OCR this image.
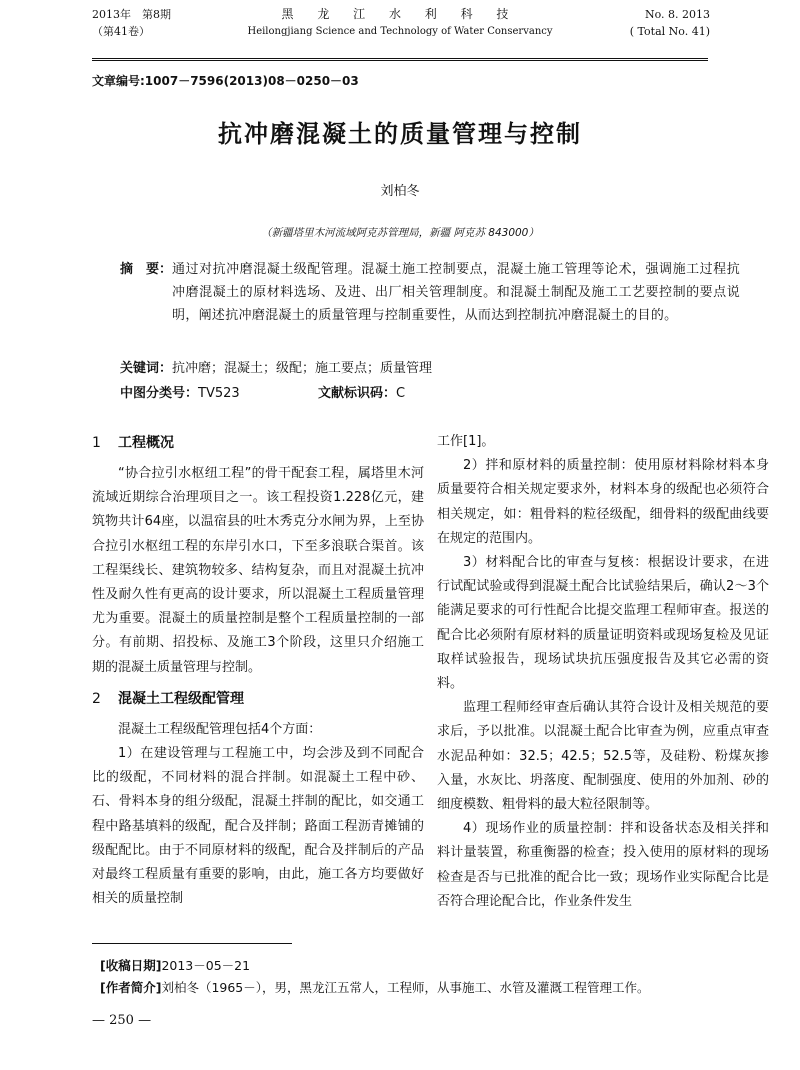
2013年　第8期
（第41卷）
黑 龙 江 水 利 科 技
Heilongjiang Science and Technology of Water Conservancy
No. 8. 2013
( Total No. 41)
文章编号:1007－7596(2013)08－0250－03
抗冲磨混凝土的质量管理与控制
刘柏冬
（新疆塔里木河流域阿克苏管理局，新疆 阿克苏 843000）
摘　要： 通过对抗冲磨混凝土级配管理。混凝土施工控制要点，混凝土施工管理等论术，强调施工过程抗冲磨混凝土的原材料选场、及进、出厂相关管理制度。和混凝土制配及施工工艺要控制的要点说明，阐述抗冲磨混凝土的质量管理与控制重要性，从而达到控制抗冲磨混凝土的目的。
关键词：抗冲磨；混凝土；级配；施工要点；质量管理
中图分类号：TV523	文献标识码：C
1 工程概况

“协合拉引水枢纽工程”的骨干配套工程，属塔里木河流域近期综合治理项目之一。该工程投资1.228亿元，建筑物共计64座，以温宿县的吐木秀克分水闸为界，上至协合拉引水枢纽工程的东岸引水口，下至多浪联合渠首。该工程渠线长、建筑物较多、结构复杂，而且对混凝土抗冲性及耐久性有更高的设计要求，所以混凝土工程质量管理尤为重要。混凝土的质量控制是整个工程质量控制的一部分。有前期、招投标、及施工3个阶段，这里只介绍施工期的混凝土质量管理与控制。

2 混凝土工程级配管理

混凝土工程级配管理包括4个方面：

1）在建设管理与工程施工中，均会涉及到不同配合比的级配，不同材料的混合拌制。如混凝土工程中砂、石、骨料本身的组分级配，混凝土拌制的配比，如交通工程中路基填料的级配，配合及拌制；路面工程沥青摊铺的级配配比。由于不同原材料的级配，配合及拌制后的产品对最终工程质量有重要的影响，由此，施工各方均要做好相关的质量控制

工作[1]。

2）拌和原材料的质量控制：使用原材料除材料本身质量要符合相关规定要求外，材料本身的级配也必须符合相关规定，如：粗骨料的粒径级配，细骨料的级配曲线要在规定的范围内。

3）材料配合比的审查与复核：根据设计要求，在进行试配试验或得到混凝土配合比试验结果后，确认2～3个能满足要求的可行性配合比提交监理工程师审查。报送的配合比必须附有原材料的质量证明资料或现场复检及见证取样试验报告，现场试块抗压强度报告及其它必需的资料。

监理工程师经审查后确认其符合设计及相关规范的要求后，予以批准。以混凝土配合比审查为例，应重点审查水泥品种如：32.5；42.5；52.5等，及硅粉、粉煤灰掺入量，水灰比、坍落度、配制强度、使用的外加剂、砂的细度模数、粗骨料的最大粒径限制等。

4）现场作业的质量控制：拌和设备状态及相关拌和料计量装置，称重衡器的检查；投入使用的原材料的现场检查是否与已批准的配合比一致；现场作业实际配合比是否符合理论配合比，作业条件发生

[收稿日期]2013－05－21
[作者简介]刘柏冬（1965－），男，黑龙江五常人，工程师，从事施工、水管及灌溉工程管理工作。
— 250 —
